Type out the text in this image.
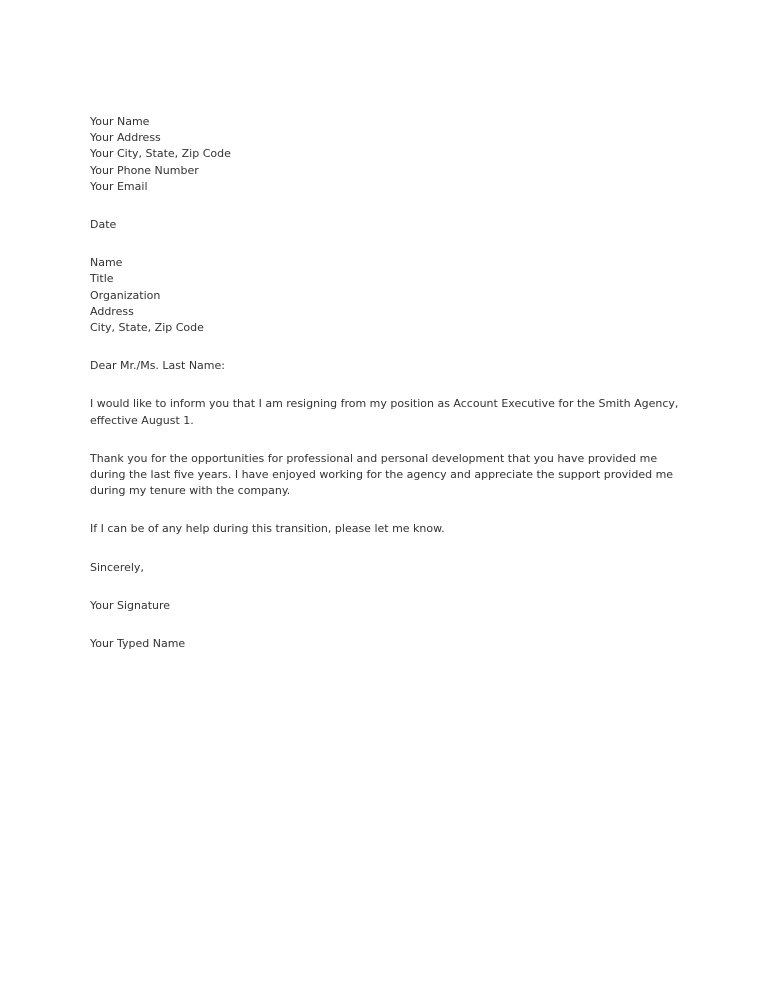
Your Name
Your Address
Your City, State, Zip Code
Your Phone Number
Your Email
Date
Name
Title
Organization
Address
City, State, Zip Code
Dear Mr./Ms. Last Name:
I would like to inform you that I am resigning from my position as Account Executive for the Smith Agency,
effective August 1.
Thank you for the opportunities for professional and personal development that you have provided me
during the last five years. I have enjoyed working for the agency and appreciate the support provided me
during my tenure with the company.
If I can be of any help during this transition, please let me know.
Sincerely,
Your Signature
Your Typed Name
